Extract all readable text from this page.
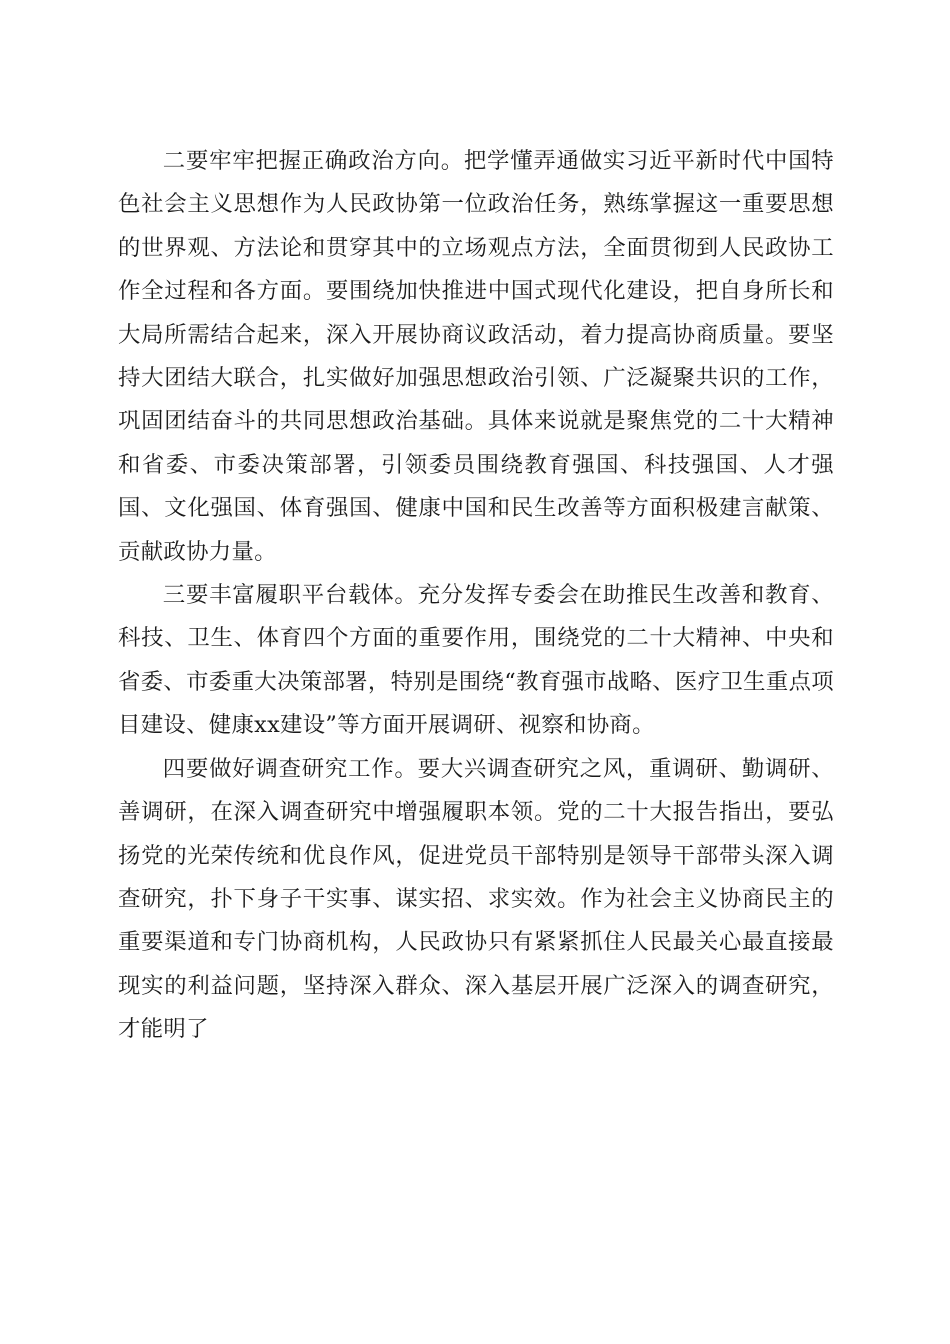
二要牢牢把握正确政治方向。把学懂弄通做实习近平新时代中国特色社会主义思想作为人民政协第一位政治任务，熟练掌握这一重要思想的世界观、方法论和贯穿其中的立场观点方法，全面贯彻到人民政协工作全过程和各方面。要围绕加快推进中国式现代化建设，把自身所长和大局所需结合起来，深入开展协商议政活动，着力提高协商质量。要坚持大团结大联合，扎实做好加强思想政治引领、广泛凝聚共识的工作，巩固团结奋斗的共同思想政治基础。具体来说就是聚焦党的二十大精神和省委、市委决策部署，引领委员围绕教育强国、科技强国、人才强国、文化强国、体育强国、健康中国和民生改善等方面积极建言献策、贡献政协力量。

三要丰富履职平台载体。充分发挥专委会在助推民生改善和教育、科技、卫生、体育四个方面的重要作用，围绕党的二十大精神、中央和省委、市委重大决策部署，特别是围绕“教育强市战略、医疗卫生重点项目建设、健康xx建设”等方面开展调研、视察和协商。

四要做好调查研究工作。要大兴调查研究之风，重调研、勤调研、善调研，在深入调查研究中增强履职本领。党的二十大报告指出，要弘扬党的光荣传统和优良作风，促进党员干部特别是领导干部带头深入调查研究，扑下身子干实事、谋实招、求实效。作为社会主义协商民主的重要渠道和专门协商机构，人民政协只有紧紧抓住人民最关心最直接最现实的利益问题，坚持深入群众、深入基层开展广泛深入的调查研究，才能明了
